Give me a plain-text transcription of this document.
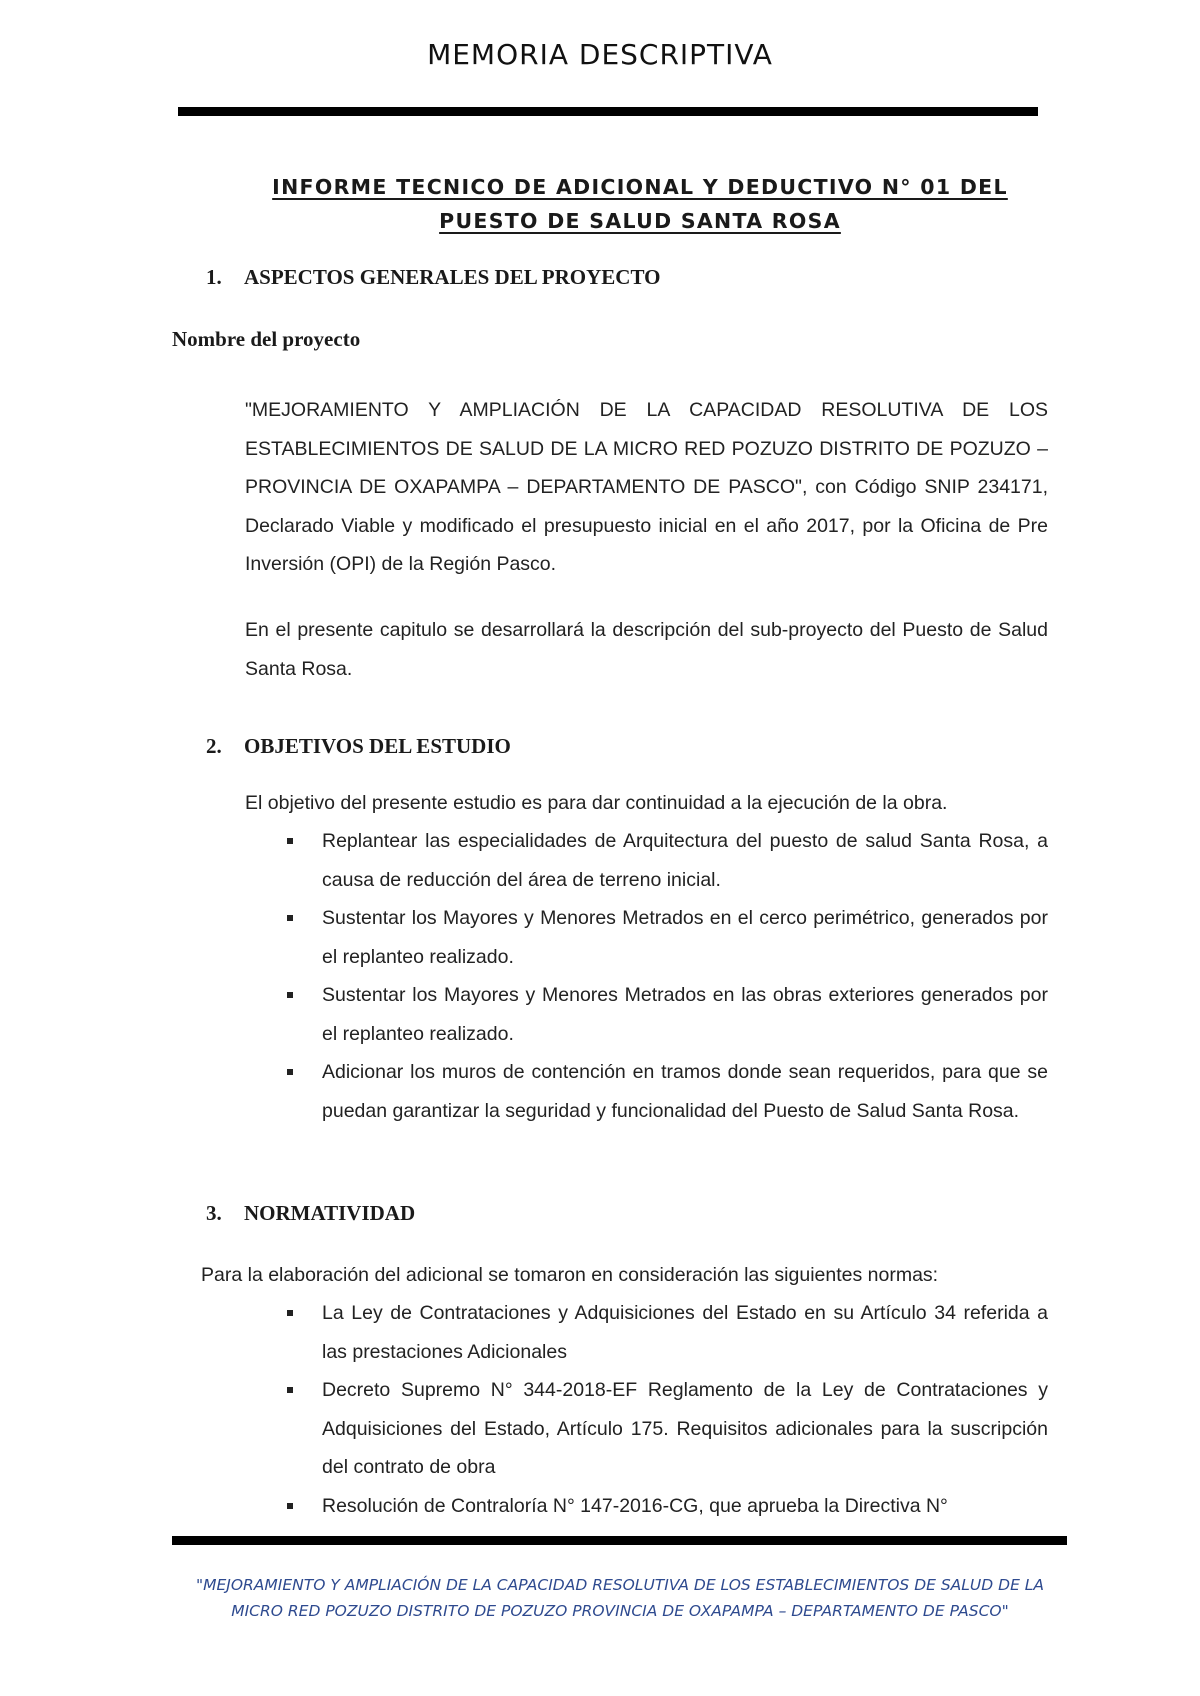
MEMORIA DESCRIPTIVA
INFORME TECNICO DE ADICIONAL Y DEDUCTIVO N° 01 DEL
PUESTO DE SALUD SANTA ROSA
1. ASPECTOS GENERALES DEL PROYECTO
Nombre del proyecto
"MEJORAMIENTO Y AMPLIACIÓN DE LA CAPACIDAD RESOLUTIVA DE LOS ESTABLECIMIENTOS DE SALUD DE LA MICRO RED POZUZO DISTRITO DE POZUZO – PROVINCIA DE OXAPAMPA – DEPARTAMENTO DE PASCO", con Código SNIP 234171, Declarado Viable y modificado el presupuesto inicial en el año 2017, por la Oficina de Pre Inversión (OPI) de la Región Pasco.
En el presente capitulo se desarrollará la descripción del sub-proyecto del Puesto de Salud Santa Rosa.
2. OBJETIVOS DEL ESTUDIO
El objetivo del presente estudio es para dar continuidad a la ejecución de la obra.
Replantear las especialidades de Arquitectura del puesto de salud Santa Rosa, a causa de reducción del área de terreno inicial.
Sustentar los Mayores y Menores Metrados en el cerco perimétrico, generados por el replanteo realizado.
Sustentar los Mayores y Menores Metrados en las obras exteriores generados por el replanteo realizado.
Adicionar los muros de contención en tramos donde sean requeridos, para que se puedan garantizar la seguridad y funcionalidad del Puesto de Salud Santa Rosa.
3. NORMATIVIDAD
Para la elaboración del adicional se tomaron en consideración las siguientes normas:
La Ley de Contrataciones y Adquisiciones del Estado en su Artículo 34 referida a las prestaciones Adicionales
Decreto Supremo N° 344-2018-EF Reglamento de la Ley de Contrataciones y Adquisiciones del Estado, Artículo 175. Requisitos adicionales para la suscripción del contrato de obra
Resolución de Contraloría N° 147-2016-CG, que aprueba la Directiva N°
"MEJORAMIENTO Y AMPLIACIÓN DE LA CAPACIDAD RESOLUTIVA DE LOS ESTABLECIMIENTOS DE SALUD DE LA MICRO RED POZUZO DISTRITO DE POZUZO PROVINCIA DE OXAPAMPA – DEPARTAMENTO DE PASCO"
